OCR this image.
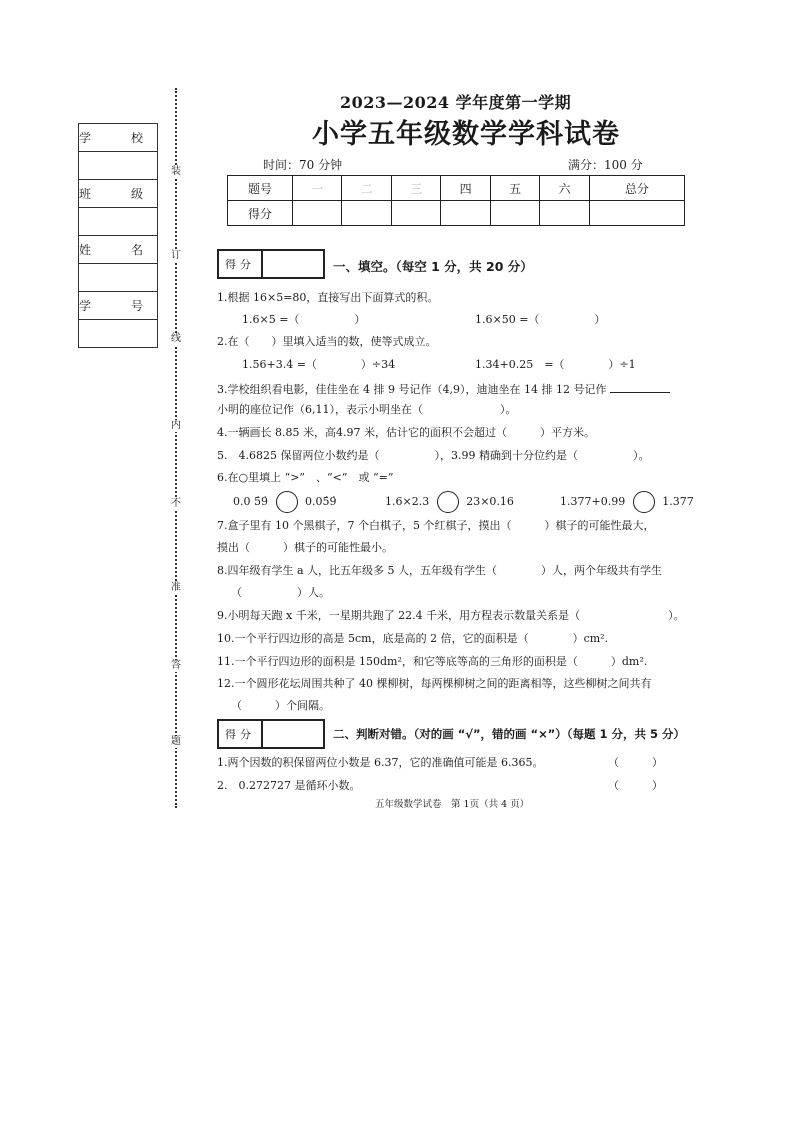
学　校

班　级

姓　名

学　号

装
订
线
内
不
准
答
题
2023—2024 学年度第一学期
小学五年级数学学科试卷
时间：70 分钟	满分：100 分
题号	一	二	三	四	五	六	总分
得分							
得分	一、填空。（每空 1 分，共 20 分）
1.根据 16×5=80，直接写出下面算式的积。
1.6×5 =（　　　　　）	1.6×50 =（　　　　　）
2.在（　　）里填入适当的数，使等式成立。
1.56+3.4 =（　　　　）÷34	1.34+0.25　=（　　　　）÷1
3.学校组织看电影，佳佳坐在 4 排 9 号记作（4,9），迪迪坐在 14 排 12 号记作
小明的座位记作（6,11），表示小明坐在（　　　　　　　）。
4.一辆画长 8.85 米，高4.97 米，估计它的面积不会超过（　　　）平方米。
5.　4.6825 保留两位小数约是（　　　　　），3.99 精确到十分位约是（　　　　　）。
6.在○里填上 “>”　、“<”　或 “=”
0.0 5̇9̇	0.05̇9̇	1.6×2.3	23×0.16	1.377+0.99	1.377
7.盒子里有 10 个黑棋子，7 个白棋子，5 个红棋子，摸出（　　　）棋子的可能性最大，
摸出（　　　）棋子的可能性最小。
8.四年级有学生 a 人，比五年级多 5 人，五年级有学生（　　　　）人，两个年级共有学生
（　　　　　）人。
9.小明每天跑 x 千米，一星期共跑了 22.4 千米，用方程表示数量关系是（　　　　　　　　）。
10.一个平行四边形的高是 5cm，底是高的 2 倍，它的面积是（　　　　）cm².
11.一个平行四边形的面积是 150dm²，和它等底等高的三角形的面积是（　　　）dm².
12.一个圆形花坛周围共种了 40 棵柳树，每两棵柳树之间的距离相等，这些柳树之间共有
（　　　）个间隔。
得分	二、判断对错。（对的画 “√”，错的画 “×”）（每题 1 分，共 5 分）
1.两个因数的积保留两位小数是 6.37，它的准确值可能是 6.365。	（　　　）
2.　0.272727 是循环小数。	（　　　）
五年级数学试卷　第 1页（共 4 页）
